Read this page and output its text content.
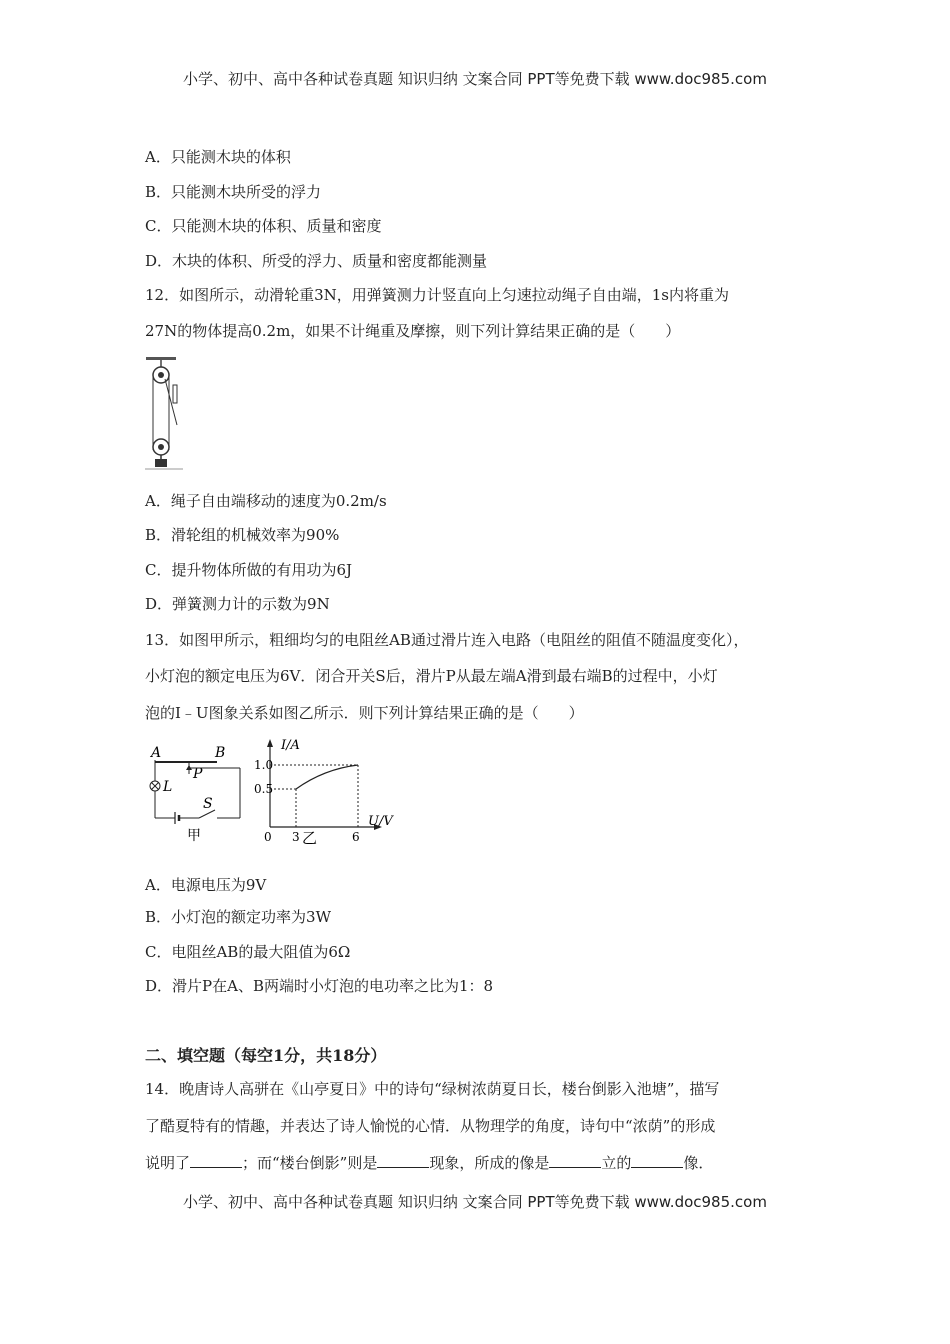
小学、初中、高中各种试卷真题 知识归纳 文案合同 PPT等免费下载 www.doc985.com
A．只能测木块的体积
B．只能测木块所受的浮力
C．只能测木块的体积、质量和密度
D．木块的体积、所受的浮力、质量和密度都能测量
12．如图所示，动滑轮重3N，用弹簧测力计竖直向上匀速拉动绳子自由端，1s内将重为
27N的物体提高0.2m，如果不计绳重及摩擦，则下列计算结果正确的是（　　）
A．绳子自由端移动的速度为0.2m/s
B．滑轮组的机械效率为90%
C．提升物体所做的有用功为6J
D．弹簧测力计的示数为9N
13．如图甲所示，粗细均匀的电阻丝AB通过滑片连入电路（电阻丝的阻值不随温度变化），
小灯泡的额定电压为6V．闭合开关S后，滑片P从最左端A滑到最右端B的过程中，小灯
泡的I﹣U图象关系如图乙所示．则下列计算结果正确的是（　　）
A	B
P
L
S
甲
I/A
U/V
1.0
0.5
0 3	6
乙
A．电源电压为9V
B．小灯泡的额定功率为3W
C．电阻丝AB的最大阻值为6Ω
D．滑片P在A、B两端时小灯泡的电功率之比为1：8
二、填空题（每空1分，共18分）
14．晚唐诗人高骈在《山亭夏日》中的诗句“绿树浓荫夏日长，楼台倒影入池塘”，描写
了酷夏特有的情趣，并表达了诗人愉悦的心情．从物理学的角度，诗句中“浓荫”的形成
说明了	；而“楼台倒影”则是	现象，所成的像是	立的	像．
小学、初中、高中各种试卷真题 知识归纳 文案合同 PPT等免费下载 www.doc985.com
